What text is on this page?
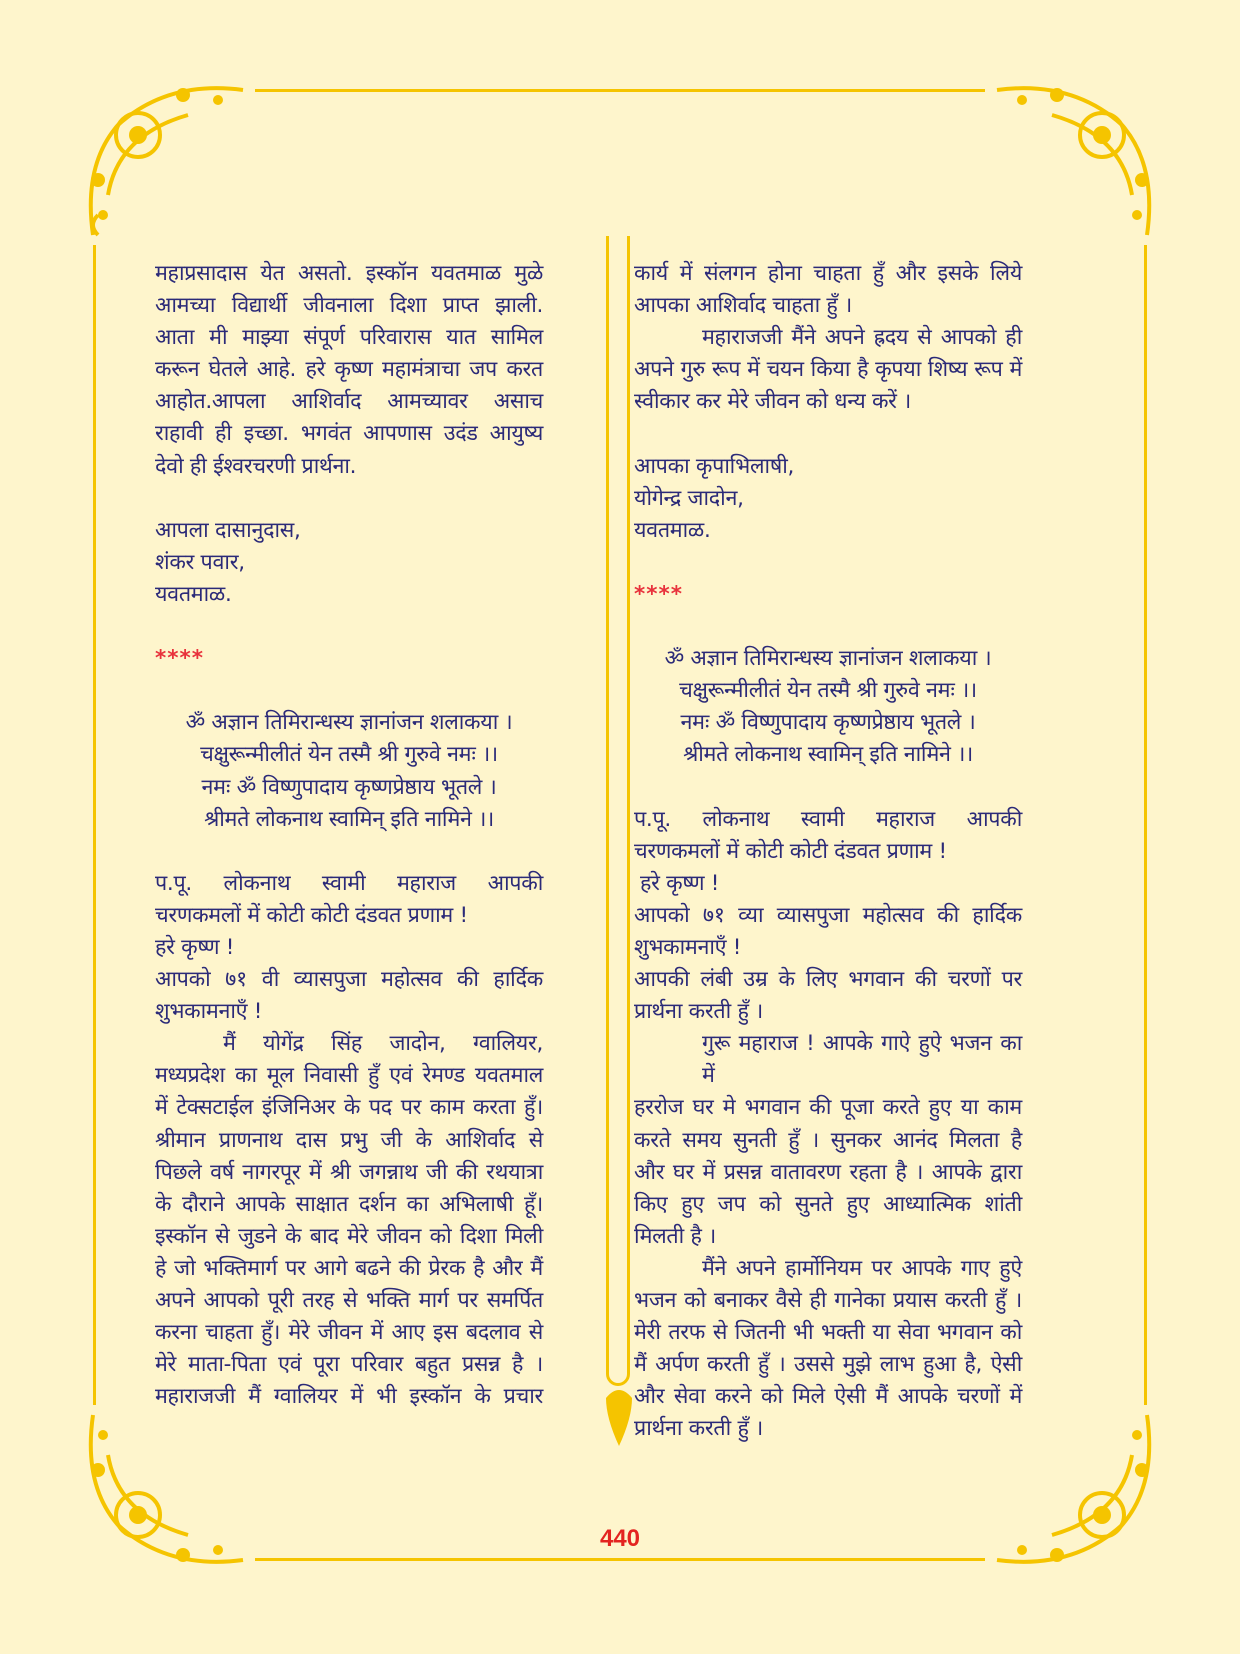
महाप्रसादास येत असतो. इस्कॉन यवतमाळ मुळे
आमच्या विद्यार्थी जीवनाला दिशा प्राप्त झाली.
आता मी माझ्या संपूर्ण परिवारास यात सामिल
करून घेतले आहे. हरे कृष्ण महामंत्राचा जप करत
आहोत.आपला आशिर्वाद आमच्यावर असाच
राहावी ही इच्छा. भगवंत आपणास उदंड आयुष्य
देवो ही ईश्वरचरणी प्रार्थना.
आपला दासानुदास,
शंकर पवार,
यवतमाळ.
****
ॐ अज्ञान तिमिरान्धस्य ज्ञानांजन शलाकया ।
चक्षुरून्मीलीतं येन तस्मै श्री गुरुवे नमः ।।
नमः ॐ विष्णुपादाय कृष्णप्रेष्ठाय भूतले ।
श्रीमते लोकनाथ स्वामिन् इति नामिने ।।
प.पू. लोकनाथ स्वामी महाराज आपकी
चरणकमलों में कोटी कोटी दंडवत प्रणाम !
हरे कृष्ण !
आपको ७१ वी व्यासपुजा महोत्सव की हार्दिक
शुभकामनाएँ !
मैं योगेंद्र सिंह जादोन, ग्वालियर,
मध्यप्रदेश का मूल निवासी हुँ एवं रेमण्ड यवतमाल
में टेक्सटाईल इंजिनिअर के पद पर काम करता हुँ।
श्रीमान प्राणनाथ दास प्रभु जी के आशिर्वाद से
पिछले वर्ष नागरपूर में श्री जगन्नाथ जी की रथयात्रा
के दौराने आपके साक्षात दर्शन का अभिलाषी हूँ।
इस्कॉन से जुडने के बाद मेरे जीवन को दिशा मिली
हे जो भक्तिमार्ग पर आगे बढने की प्रेरक है और मैं
अपने आपको पूरी तरह से भक्ति मार्ग पर समर्पित
करना चाहता हुँ। मेरे जीवन में आए इस बदलाव से
मेरे माता-पिता एवं पूरा परिवार बहुत प्रसन्न है ।
महाराजजी मैं ग्वालियर में भी इस्कॉन के प्रचार
कार्य में संलगन होना चाहता हुँ और इसके लिये
आपका आशिर्वाद चाहता हुँ ।
महाराजजी मैंने अपने ह्रदय से आपको ही
अपने गुरु रूप में चयन किया है कृपया शिष्य रूप में
स्वीकार कर मेरे जीवन को धन्य करें ।
आपका कृपाभिलाषी,
योगेन्द्र जादोन,
यवतमाळ.
****
ॐ अज्ञान तिमिरान्धस्य ज्ञानांजन शलाकया ।
चक्षुरून्मीलीतं येन तस्मै श्री गुरुवे नमः ।।
नमः ॐ विष्णुपादाय कृष्णप्रेष्ठाय भूतले ।
श्रीमते लोकनाथ स्वामिन् इति नामिने ।।
प.पू. लोकनाथ स्वामी महाराज आपकी
चरणकमलों में कोटी कोटी दंडवत प्रणाम !
हरे कृष्ण !
आपको ७१ व्या व्यासपुजा महोत्सव की हार्दिक
शुभकामनाएँ !
आपकी लंबी उम्र के लिए भगवान की चरणों पर
प्रार्थना करती हुँ ।
गुरू महाराज ! आपके गाऐ हुऐ भजन का में
हररोज घर मे भगवान की पूजा करते हुए या काम
करते समय सुनती हुँ । सुनकर आनंद मिलता है
और घर में प्रसन्न वातावरण रहता है । आपके द्वारा
किए हुए जप को सुनते हुए आध्यात्मिक शांती
मिलती है ।
मैंने अपने हार्मोनियम पर आपके गाए हुऐ
भजन को बनाकर वैसे ही गानेका प्रयास करती हुँ ।
मेरी तरफ से जितनी भी भक्ती या सेवा भगवान को
मैं अर्पण करती हुँ । उससे मुझे लाभ हुआ है, ऐसी
और सेवा करने को मिले ऐसी मैं आपके चरणों में
प्रार्थना करती हुँ ।
440
